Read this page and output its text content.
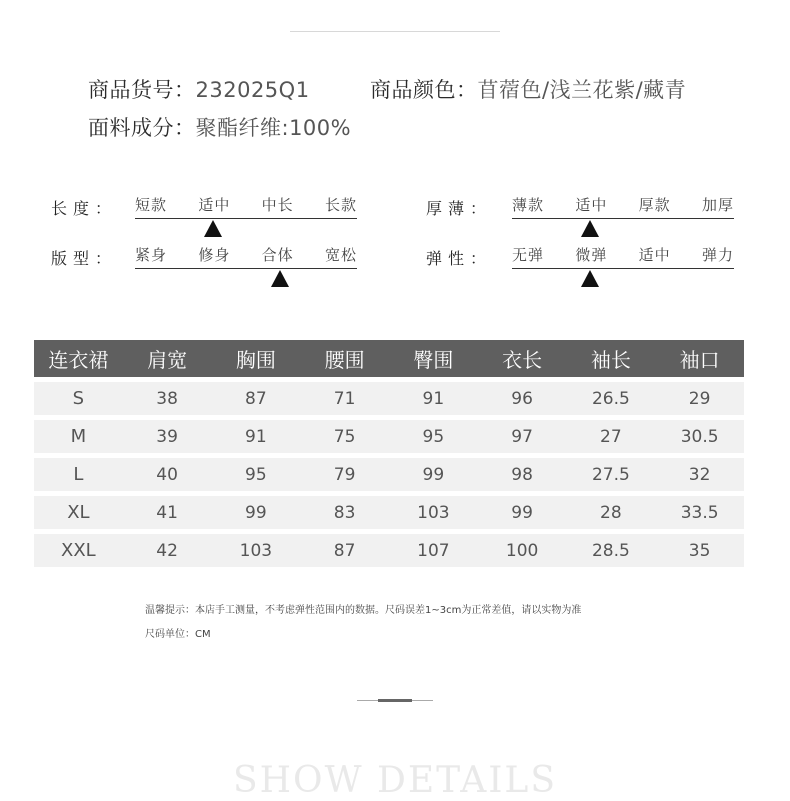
商品货号：232025Q1	商品颜色：苜蓿色/浅兰花紫/藏青
面料成分：聚酯纤维:100%
长度： 短款 适中 中长 长款	厚薄： 薄款 适中 厚款 加厚
版型： 紧身 修身 合体 宽松	弹性： 无弹 微弹 适中 弹力
连衣裙	肩宽	胸围	腰围	臀围	衣长	袖长	袖口
S	38	87	71	91	96	26.5	29
M	39	91	75	95	97	27	30.5
L	40	95	79	99	98	27.5	32
XL	41	99	83	103	99	28	33.5
XXL	42	103	87	107	100	28.5	35
温馨提示：本店手工测量，不考虑弹性范围内的数据。尺码误差1~3cm为正常差值，请以实物为准
尺码单位：CM
SHOW DETAILS
